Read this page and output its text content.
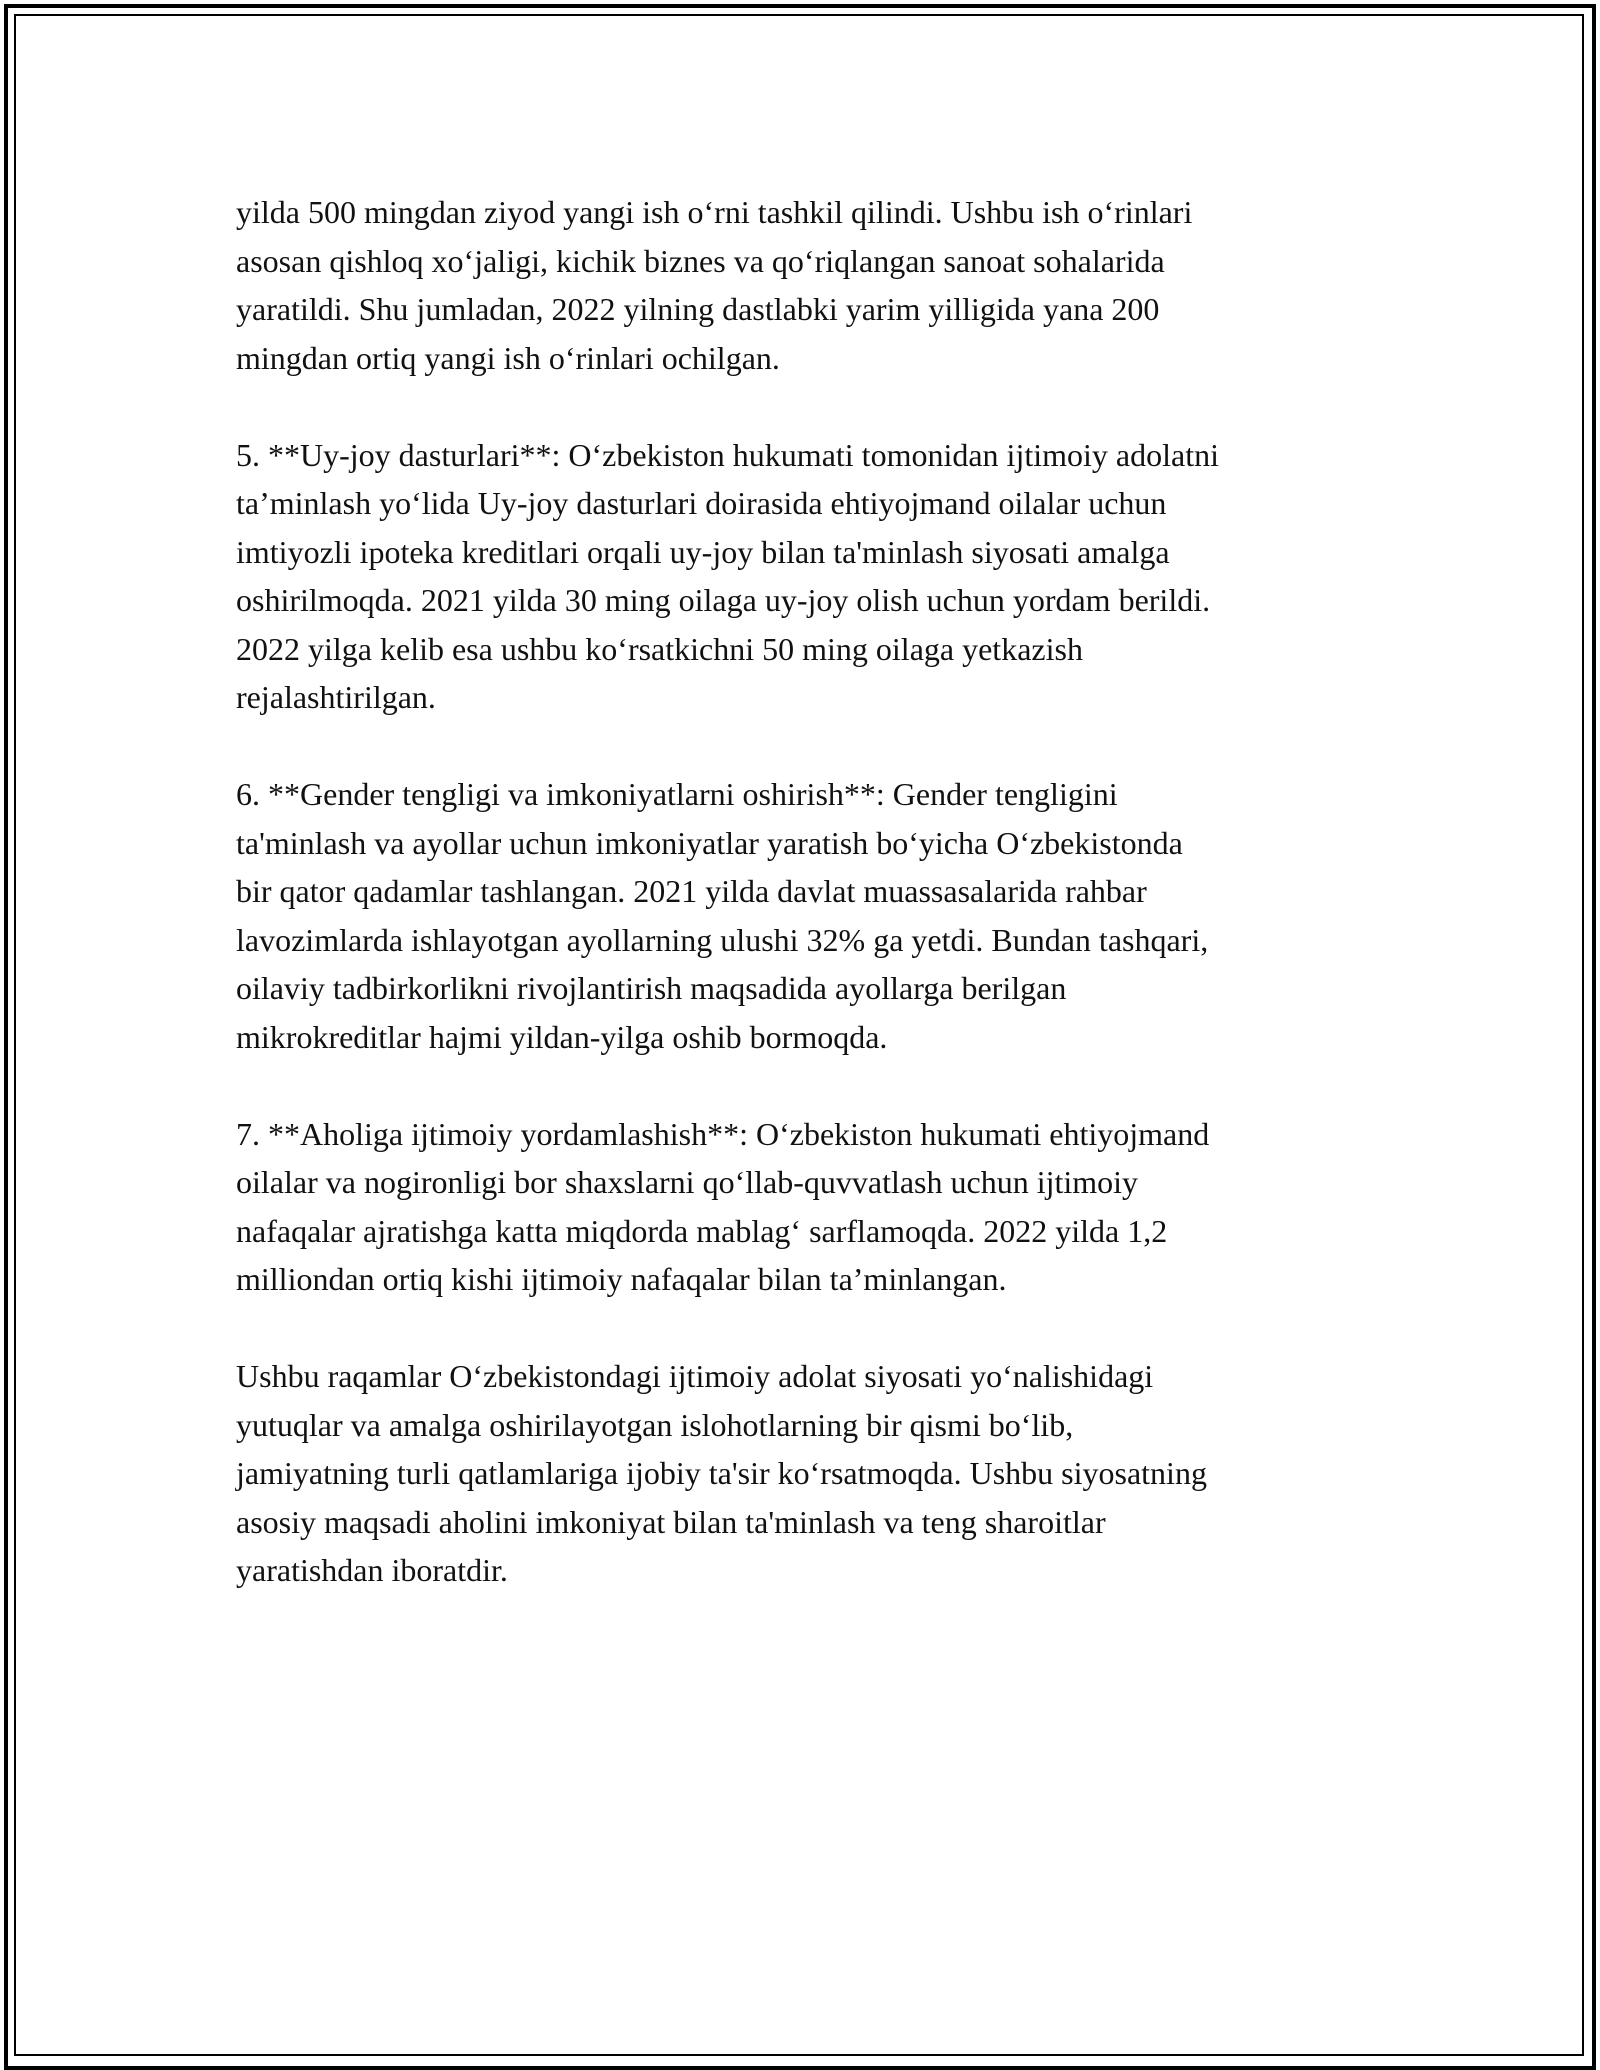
yilda 500 mingdan ziyod yangi ish o‘rni tashkil qilindi. Ushbu ish o‘rinlari
asosan qishloq xo‘jaligi, kichik biznes va qo‘riqlangan sanoat sohalarida
yaratildi. Shu jumladan, 2022 yilning dastlabki yarim yilligida yana 200
mingdan ortiq yangi ish o‘rinlari ochilgan.

5. **Uy-joy dasturlari**: O‘zbekiston hukumati tomonidan ijtimoiy adolatni
ta’minlash yo‘lida Uy-joy dasturlari doirasida ehtiyojmand oilalar uchun
imtiyozli ipoteka kreditlari orqali uy-joy bilan ta'minlash siyosati amalga
oshirilmoqda. 2021 yilda 30 ming oilaga uy-joy olish uchun yordam berildi.
2022 yilga kelib esa ushbu ko‘rsatkichni 50 ming oilaga yetkazish
rejalashtirilgan.

6. **Gender tengligi va imkoniyatlarni oshirish**: Gender tengligini
ta'minlash va ayollar uchun imkoniyatlar yaratish bo‘yicha O‘zbekistonda
bir qator qadamlar tashlangan. 2021 yilda davlat muassasalarida rahbar
lavozimlarda ishlayotgan ayollarning ulushi 32% ga yetdi. Bundan tashqari,
oilaviy tadbirkorlikni rivojlantirish maqsadida ayollarga berilgan
mikrokreditlar hajmi yildan-yilga oshib bormoqda.

7. **Aholiga ijtimoiy yordamlashish**: O‘zbekiston hukumati ehtiyojmand
oilalar va nogironligi bor shaxslarni qo‘llab-quvvatlash uchun ijtimoiy
nafaqalar ajratishga katta miqdorda mablag‘ sarflamoqda. 2022 yilda 1,2
milliondan ortiq kishi ijtimoiy nafaqalar bilan ta’minlangan.

Ushbu raqamlar O‘zbekistondagi ijtimoiy adolat siyosati yo‘nalishidagi
yutuqlar va amalga oshirilayotgan islohotlarning bir qismi bo‘lib,
jamiyatning turli qatlamlariga ijobiy ta'sir ko‘rsatmoqda. Ushbu siyosatning
asosiy maqsadi aholini imkoniyat bilan ta'minlash va teng sharoitlar
yaratishdan iboratdir.
